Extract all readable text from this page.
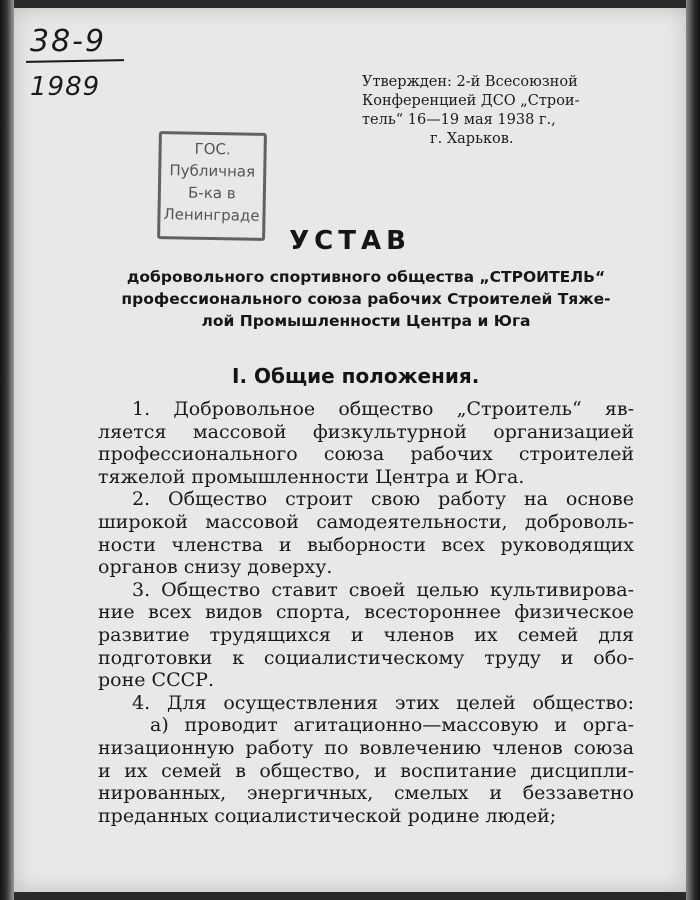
38-9
1989	Утвержден: 2-й Всесоюзной
Конференцией ДСО „Строи-
тель“ 16—19 мая 1938 г.,
г. Харьков.
ГОС.
Публичная
Б-ка в
Ленинграде
УСТАВ
добровольного спортивного общества „СТРОИТЕЛЬ“
профессионального союза рабочих Строителей Тяже-
лой Промышленности Центра и Юга
I. Общие положения.
1. Добровольное общество „Строитель“ яв-
ляется массовой физкультурной организацией
профессионального союза рабочих строителей
тяжелой промышленности Центра и Юга.
2. Общество строит свою работу на основе
широкой массовой самодеятельности, доброволь-
ности членства и выборности всех руководящих
органов снизу доверху.
3. Общество ставит своей целью культивирова-
ние всех видов спорта, всестороннее физическое
развитие трудящихся и членов их семей для
подготовки к социалистическому труду и обо-
роне СССР.
4. Для осуществления этих целей общество:
а) проводит агитационно—массовую и орга-
низационную работу по вовлечению членов союза
и их семей в общество, и воспитание дисципли-
нированных, энергичных, смелых и беззаветно
преданных социалистической родине людей;
